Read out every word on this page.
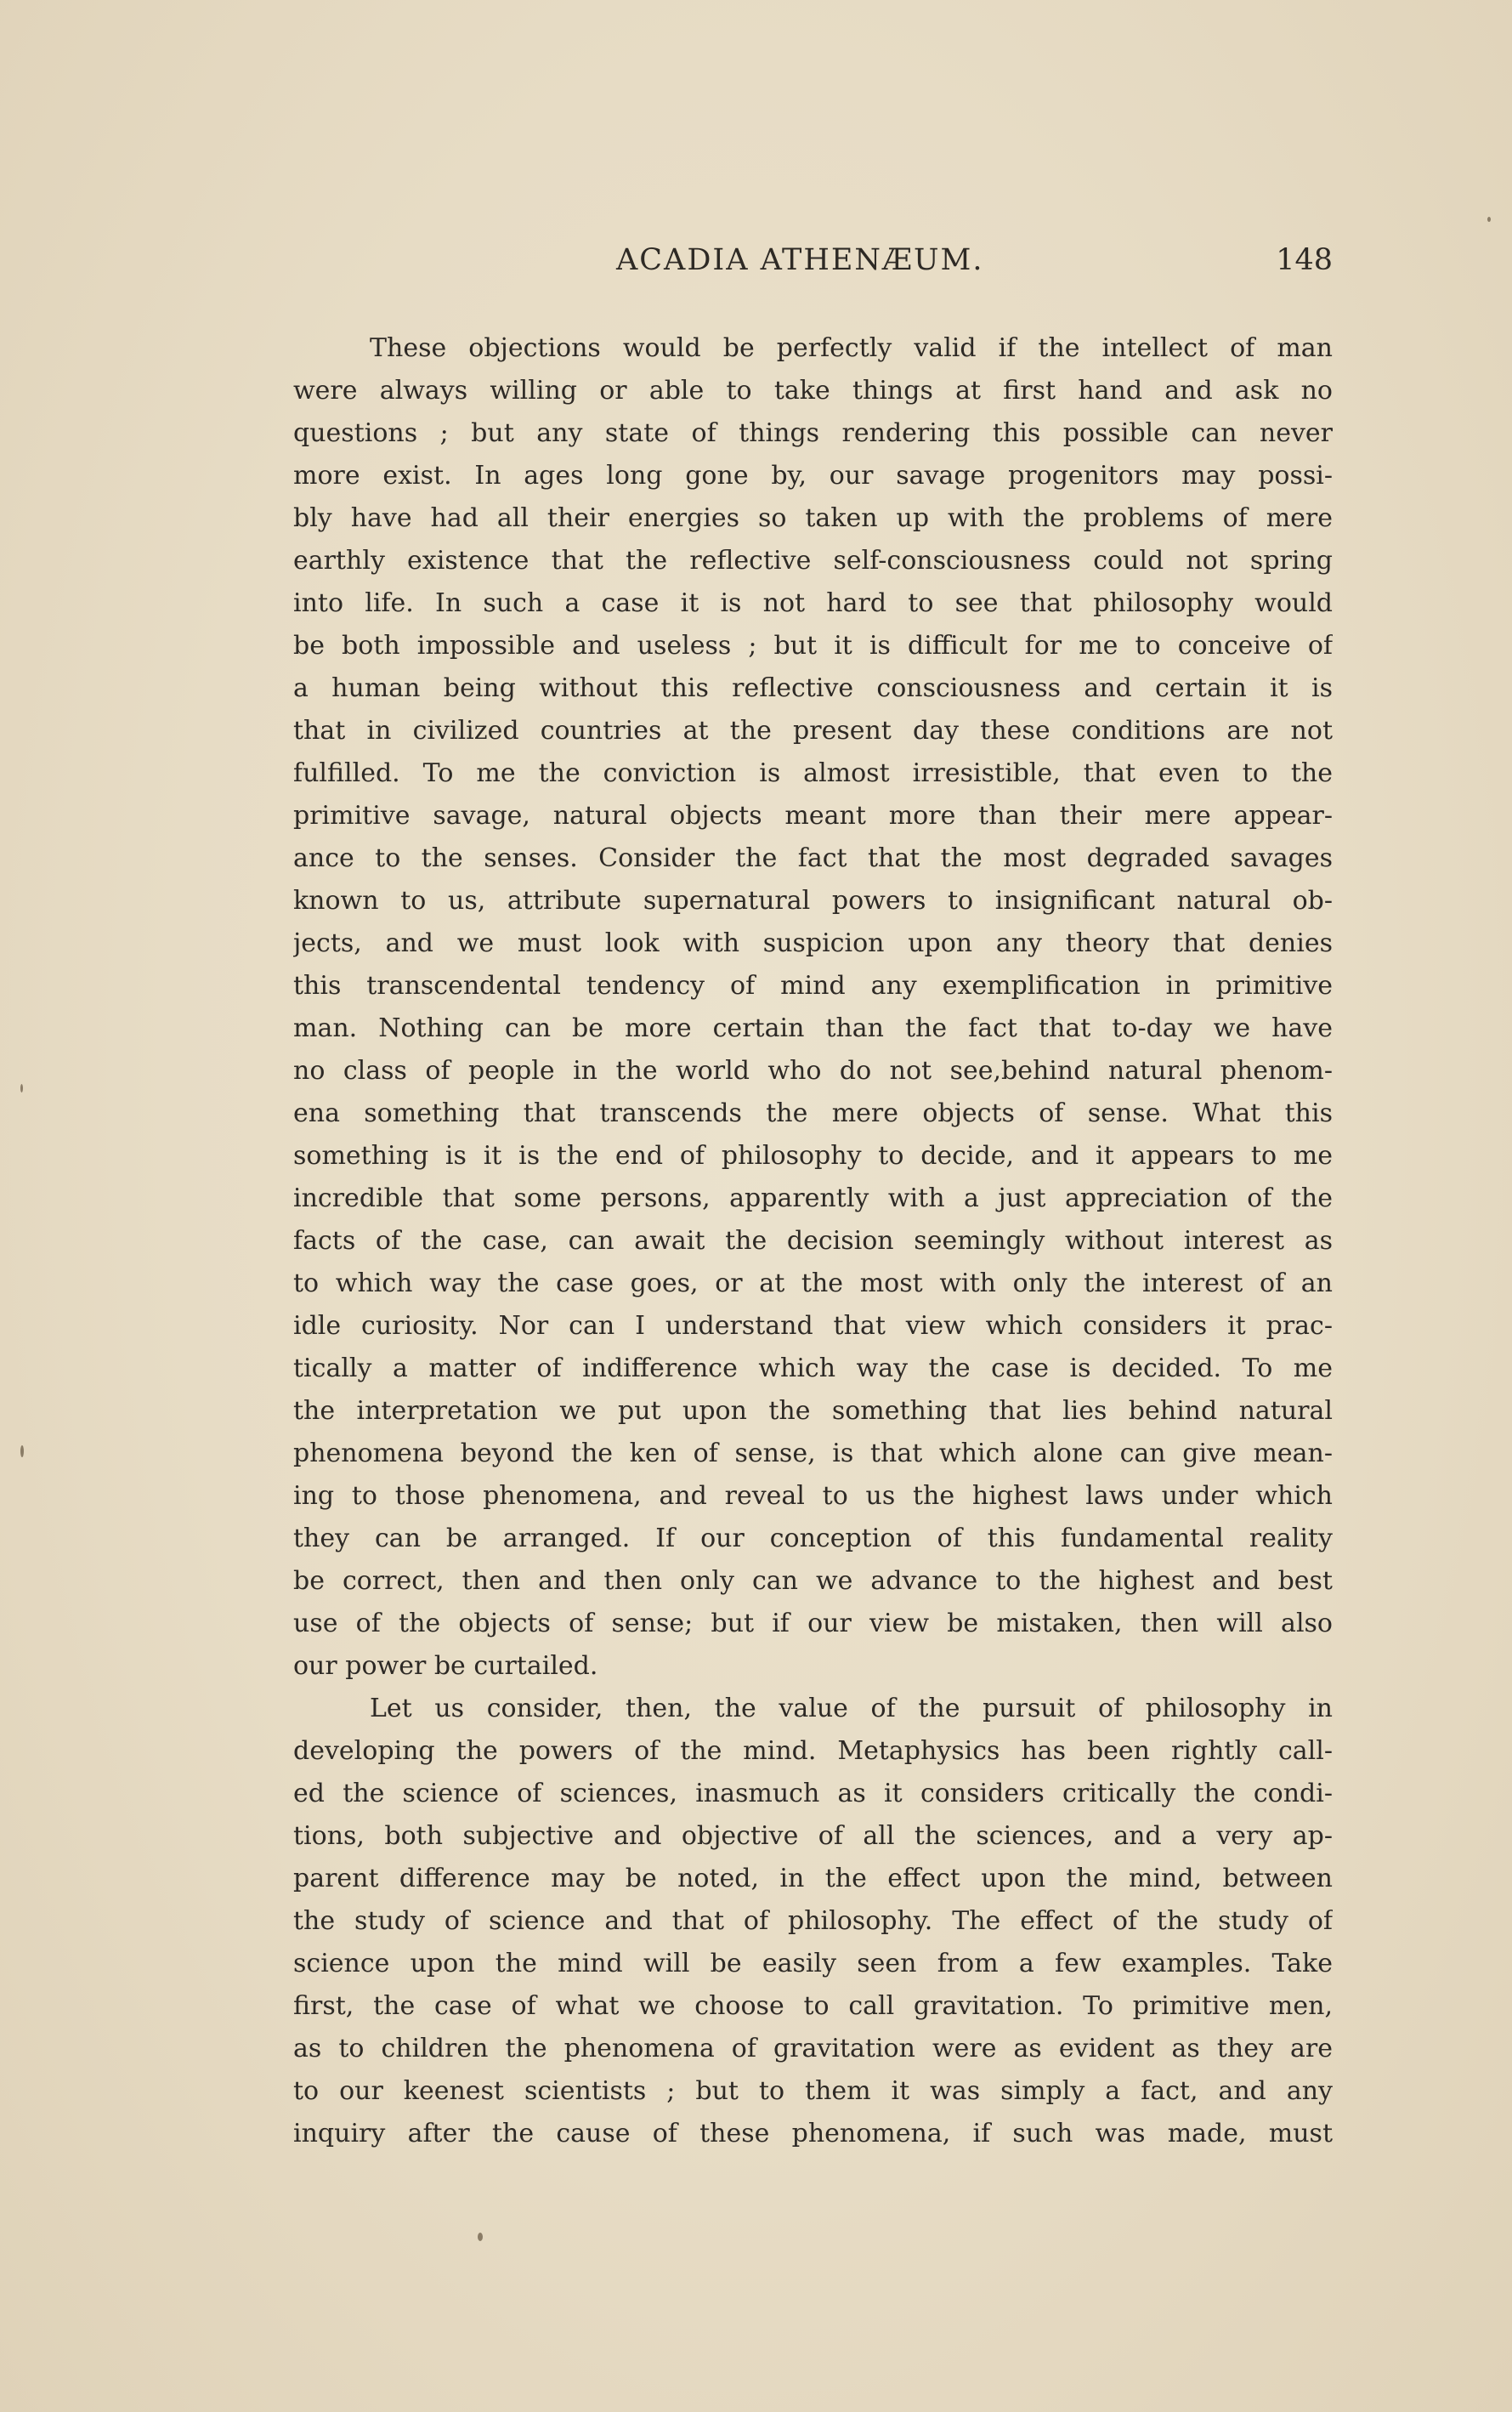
ACADIA ATHENÆUM.	148
These objections would be perfectly valid if the intellect of man
were always willing or able to take things at first hand and ask no
questions ; but any state of things rendering this possible can never
more exist. In ages long gone by, our savage progenitors may possi-
bly have had all their energies so taken up with the problems of mere
earthly existence that the reflective self-consciousness could not spring
into life. In such a case it is not hard to see that philosophy would
be both impossible and useless ; but it is difficult for me to conceive of
a human being without this reflective consciousness and certain it is
that in civilized countries at the present day these conditions are not
fulfilled. To me the conviction is almost irresistible, that even to the
primitive savage, natural objects meant more than their mere appear-
ance to the senses. Consider the fact that the most degraded savages
known to us, attribute supernatural powers to insignificant natural ob-
jects, and we must look with suspicion upon any theory that denies
this transcendental tendency of mind any exemplification in primitive
man. Nothing can be more certain than the fact that to-day we have
no class of people in the world who do not see,behind natural phenom-
ena something that transcends the mere objects of sense. What this
something is it is the end of philosophy to decide, and it appears to me
incredible that some persons, apparently with a just appreciation of the
facts of the case, can await the decision seemingly without interest as
to which way the case goes, or at the most with only the interest of an
idle curiosity. Nor can I understand that view which considers it prac-
tically a matter of indifference which way the case is decided. To me
the interpretation we put upon the something that lies behind natural
phenomena beyond the ken of sense, is that which alone can give mean-
ing to those phenomena, and reveal to us the highest laws under which
they can be arranged. If our conception of this fundamental reality
be correct, then and then only can we advance to the highest and best
use of the objects of sense; but if our view be mistaken, then will also
our power be curtailed.
Let us consider, then, the value of the pursuit of philosophy in
developing the powers of the mind. Metaphysics has been rightly call-
ed the science of sciences, inasmuch as it considers critically the condi-
tions, both subjective and objective of all the sciences, and a very ap-
parent difference may be noted, in the effect upon the mind, between
the study of science and that of philosophy. The effect of the study of
science upon the mind will be easily seen from a few examples. Take
first, the case of what we choose to call gravitation. To primitive men,
as to children the phenomena of gravitation were as evident as they are
to our keenest scientists ; but to them it was simply a fact, and any
inquiry after the cause of these phenomena, if such was made, must
